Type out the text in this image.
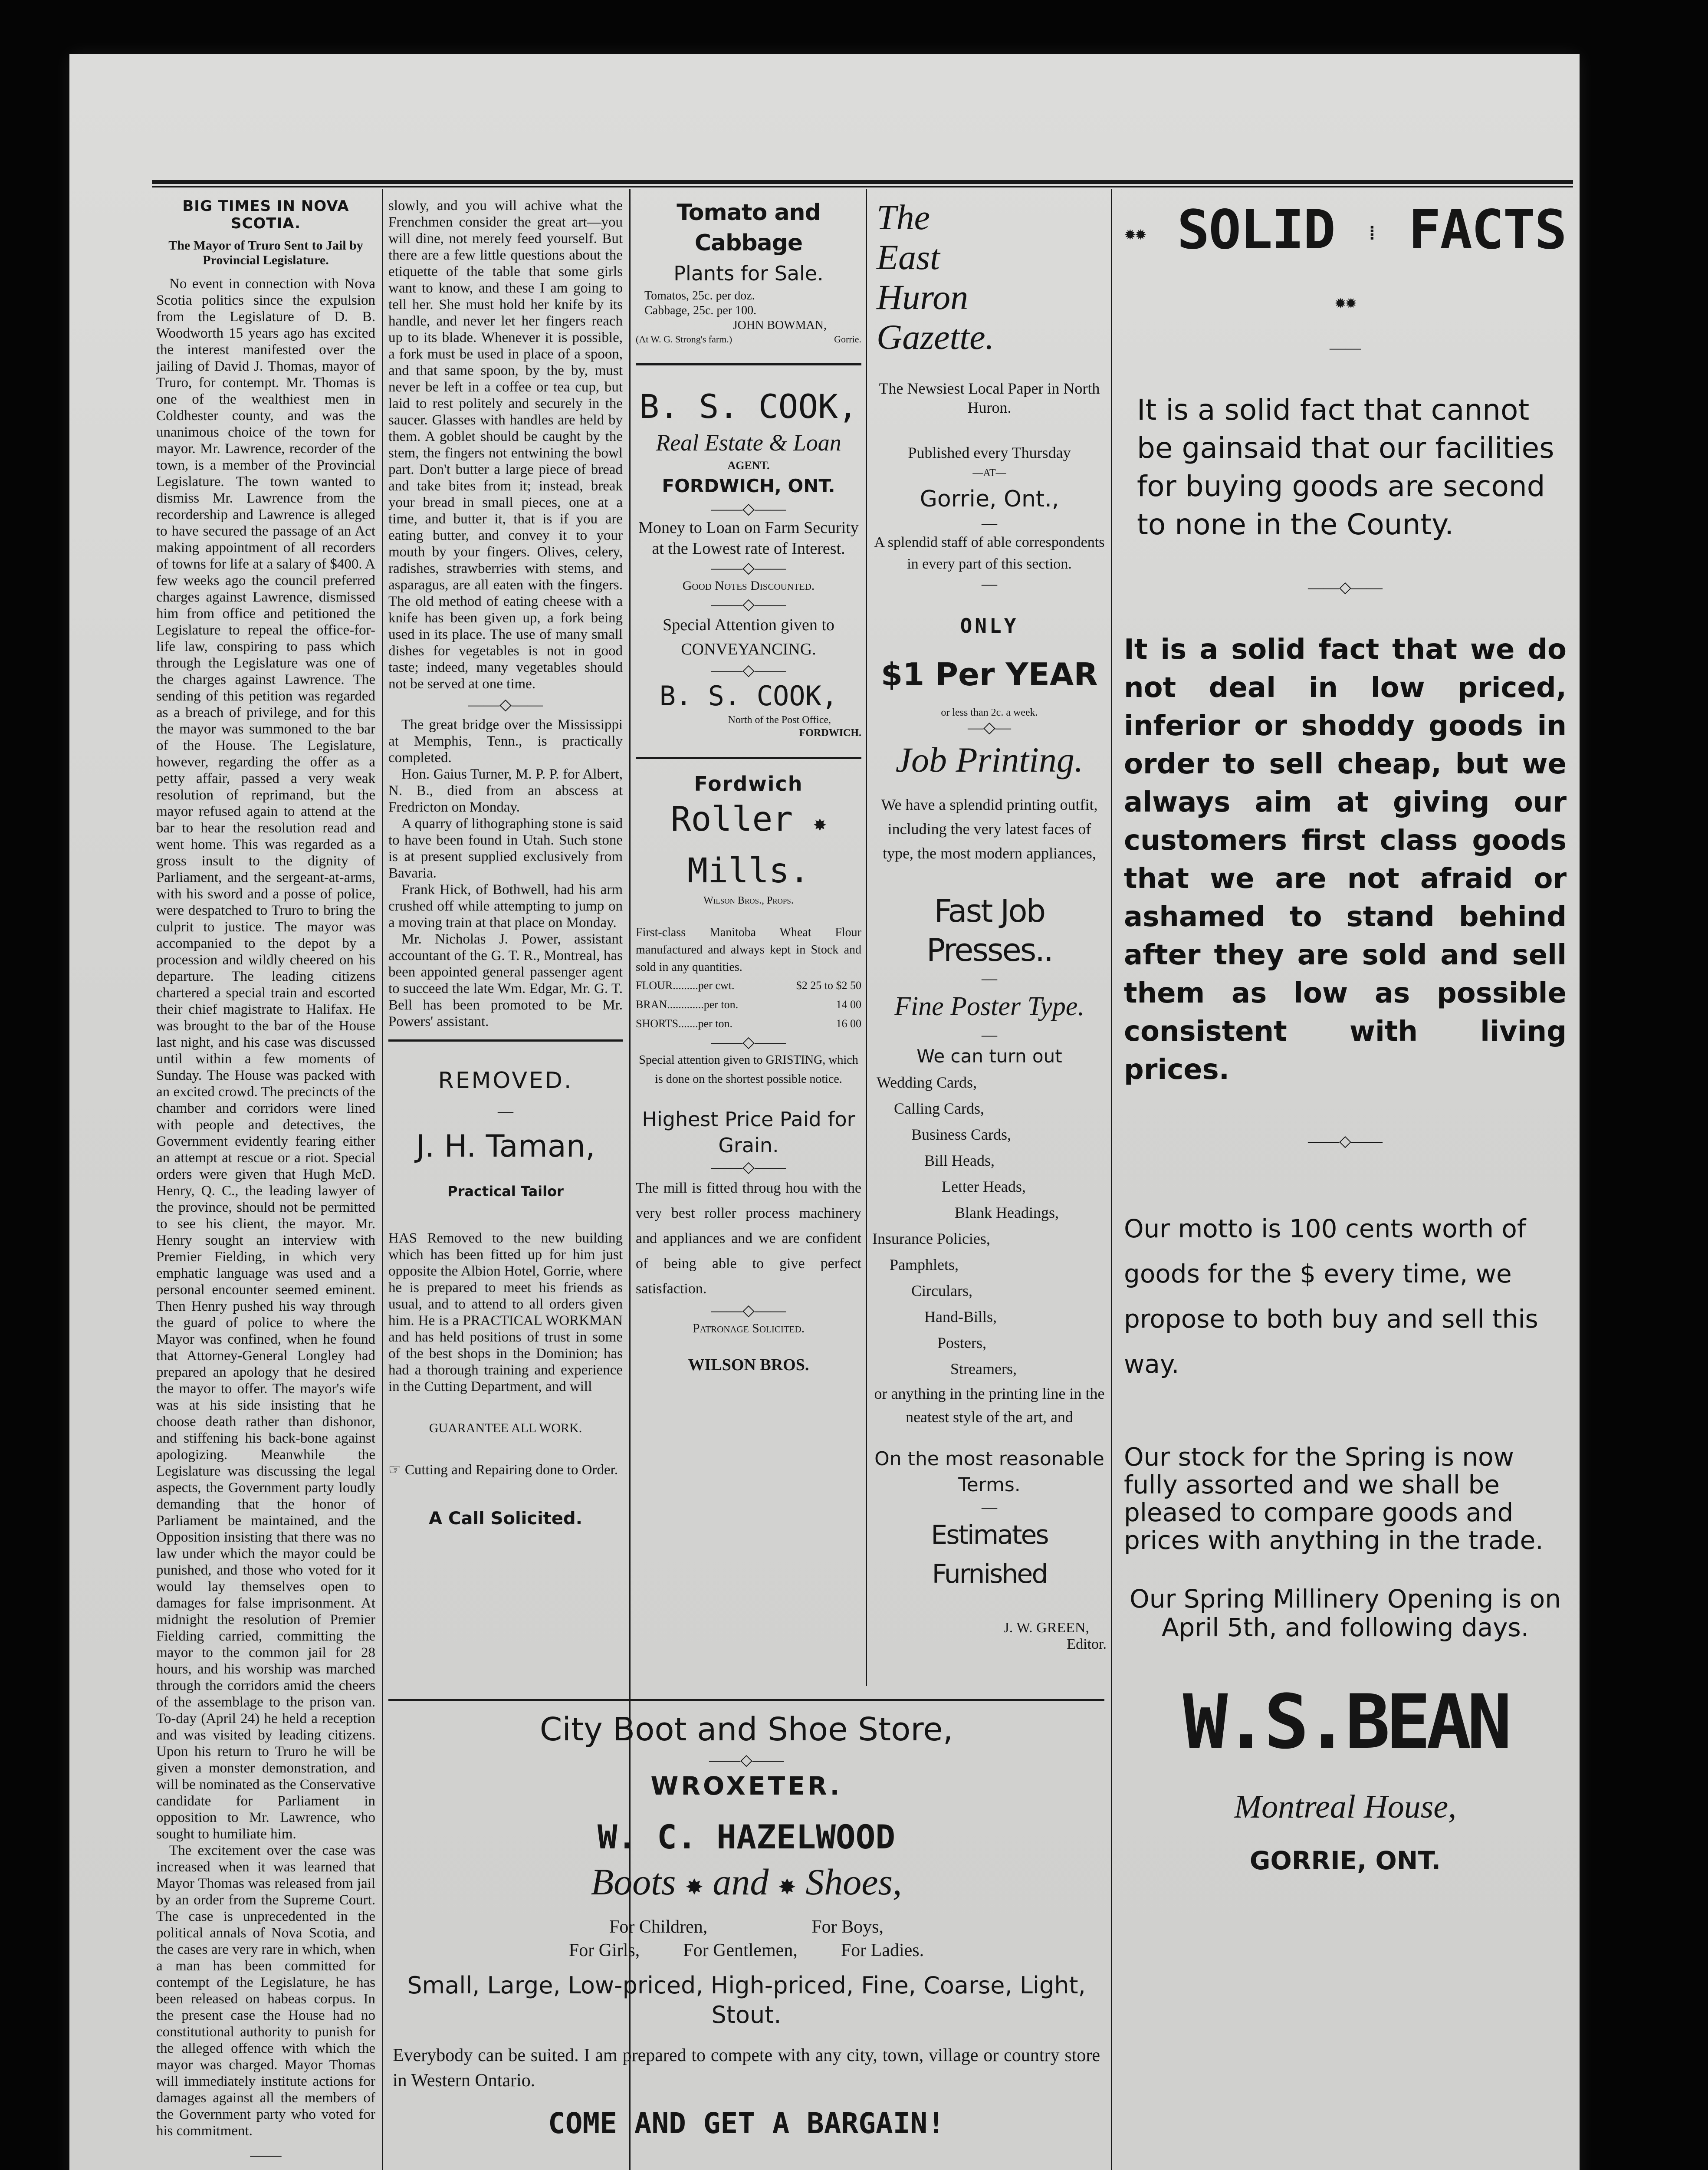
BIG TIMES IN NOVA SCOTIA.

The Mayor of Truro Sent to Jail by Provincial Legislature.

No event in connection with Nova Scotia politics since the expulsion from the Legislature of D. B. Woodworth 15 years ago has excited the interest manifested over the jailing of David J. Thomas, mayor of Truro, for contempt. Mr. Thomas is one of the wealthiest men in Coldhester county, and was the unanimous choice of the town for mayor. Mr. Lawrence, recorder of the town, is a member of the Provincial Legislature. The town wanted to dismiss Mr. Lawrence from the recordership and Lawrence is alleged to have secured the passage of an Act making appointment of all recorders of towns for life at a salary of $400. A few weeks ago the council preferred charges against Lawrence, dismissed him from office and petitioned the Legislature to repeal the office-for-life law, conspiring to pass which through the Legislature was one of the charges against Lawrence. The sending of this petition was regarded as a breach of privilege, and for this the mayor was summoned to the bar of the House. The Legislature, however, regarding the offer as a petty affair, passed a very weak resolution of reprimand, but the mayor refused again to attend at the bar to hear the resolution read and went home. This was regarded as a gross insult to the dignity of Parliament, and the sergeant-at-arms, with his sword and a posse of police, were despatched to Truro to bring the culprit to justice. The mayor was accompanied to the depot by a procession and wildly cheered on his departure. The leading citizens chartered a special train and escorted their chief magistrate to Halifax. He was brought to the bar of the House last night, and his case was discussed until within a few moments of Sunday. The House was packed with an excited crowd. The precincts of the chamber and corridors were lined with people and detectives, the Government evidently fearing either an attempt at rescue or a riot. Special orders were given that Hugh McD. Henry, Q. C., the leading lawyer of the province, should not be permitted to see his client, the mayor. Mr. Henry sought an interview with Premier Fielding, in which very emphatic language was used and a personal encounter seemed eminent. Then Henry pushed his way through the guard of police to where the Mayor was confined, when he found that Attorney-General Longley had prepared an apology that he desired the mayor to offer. The mayor's wife was at his side insisting that he choose death rather than dishonor, and stiffening his back-bone against apologizing. Meanwhile the Legislature was discussing the legal aspects, the Government party loudly demanding that the honor of Parliament be maintained, and the Opposition insisting that there was no law under which the mayor could be punished, and those who voted for it would lay themselves open to damages for false imprisonment. At midnight the resolution of Premier Fielding carried, committing the mayor to the common jail for 28 hours, and his worship was marched through the corridors amid the cheers of the assemblage to the prison van. To-day (April 24) he held a reception and was visited by leading citizens. Upon his return to Truro he will be given a monster demonstration, and will be nominated as the Conservative candidate for Parliament in opposition to Mr. Lawrence, who sought to humiliate him.

The excitement over the case was increased when it was learned that Mayor Thomas was released from jail by an order from the Supreme Court. The case is unprecedented in the political annals of Nova Scotia, and the cases are very rare in which, when a man has been committed for contempt of the Legislature, he has been released on habeas corpus. In the present case the House had no constitutional authority to punish for the alleged offence with which the mayor was charged. Mayor Thomas will immediately institute actions for damages against all the members of the Government party who voted for his commitment.

——

slowly, and you will achive what the Frenchmen consider the great art—you will dine, not merely feed yourself. But there are a few little questions about the etiquette of the table that some girls want to know, and these I am going to tell her. She must hold her knife by its handle, and never let her fingers reach up to its blade. Whenever it is possible, a fork must be used in place of a spoon, and that same spoon, by the by, must never be left in a coffee or tea cup, but laid to rest politely and securely in the saucer. Glasses with handles are held by them. A goblet should be caught by the stem, the fingers not entwining the bowl part. Don't butter a large piece of bread and take bites from it; instead, break your bread in small pieces, one at a time, and butter it, that is if you are eating butter, and convey it to your mouth by your fingers. Olives, celery, radishes, strawberries with stems, and asparagus, are all eaten with the fingers. The old method of eating cheese with a knife has been given up, a fork being used in its place. The use of many small dishes for vegetables is not in good taste; indeed, many vegetables should not be served at one time.

——◇——

The great bridge over the Mississippi at Memphis, Tenn., is practically completed.

Hon. Gaius Turner, M. P. P. for Albert, N. B., died from an abscess at Fredricton on Monday.

A quarry of lithographing stone is said to have been found in Utah. Such stone is at present supplied exclusively from Bavaria.

Frank Hick, of Bothwell, had his arm crushed off while attempting to jump on a moving train at that place on Monday.

Mr. Nicholas J. Power, assistant accountant of the G. T. R., Montreal, has been appointed general passenger agent to succeed the late Wm. Edgar, Mr. G. T. Bell has been promoted to be Mr. Powers' assistant.

REMOVED.

—

J. H. Taman,

Practical Tailor

HAS Removed to the new building which has been fitted up for him just opposite the Albion Hotel, Gorrie, where he is prepared to meet his friends as usual, and to attend to all orders given him. He is a PRACTICAL WORKMAN and has held positions of trust in some of the best shops in the Dominion; has had a thorough training and experience in the Cutting Department, and will

GUARANTEE ALL WORK.

☞ Cutting and Repairing done to Order.

A Call Solicited.

Tomato and Cabbage

Plants for Sale.

Tomatos, 25c. per doz.

Cabbage, 25c. per 100.

JOHN BOWMAN,

(At W. G. Strong's farm.)	Gorrie.

B. S. COOK,

Real Estate & Loan

AGENT.

FORDWICH, ONT.

——◇——

Money to Loan on Farm Security at the Lowest rate of Interest.

——◇——

Good Notes Discounted.

——◇——

Special Attention given to CONVEYANCING.

——◇——

B. S. COOK,

North of the Post Office,

FORDWICH.

Fordwich

Roller ✸ Mills.

Wilson Bros., Props.

First-class Manitoba Wheat Flour manufactured and always kept in Stock and sold in any quantities.

FLOUR.........per cwt.	$2 25 to $2 50
BRAN.............per ton.	14 00
SHORTS.......per ton.	16 00
——◇——

Special attention given to GRISTING, which is done on the shortest possible notice.

Highest Price Paid for Grain.

——◇——

The mill is fitted throug hou with the very best roller process machinery and appliances and we are confident of being able to give perfect satisfaction.

——◇——

Patronage Solicited.

WILSON BROS.

City Boot and Shoe Store,

——◇——

WROXETER.

W. C. HAZELWOOD

Boots ✸ and ✸ Shoes,
For Children,	For Boys,
For Girls, For Gentlemen, For Ladies.

Small, Large, Low-priced, High-priced, Fine, Coarse, Light, Stout.

Everybody can be suited. I am prepared to compete with any city, town, village or country store in Western Ontario.

COME AND GET A BARGAIN!

The

East

Huron

Gazette.

The Newsiest Local Paper in North Huron.

Published every Thursday

—AT—

Gorrie, Ont.,

—

A splendid staff of able correspondents in every part of this section.

—

ONLY

$1 Per YEAR

or less than 2c. a week.

—◇—

Job Printing.

We have a splendid printing outfit, including the very latest faces of type, the most modern appliances,

Fast Job Presses..

—

Fine Poster Type.

—

We can turn out

Wedding Cards,

Calling Cards,

Business Cards,

Bill Heads,

Letter Heads,

Blank Headings,

Insurance Policies,

Pamphlets,

Circulars,

Hand-Bills,

Posters,

Streamers,

or anything in the printing line in the neatest style of the art, and

On the most reasonable Terms.

—

Estimates Furnished

J. W. GREEN,

Editor.

✹✹ SOLID ⁞ FACTS ✹✹
——

It is a solid fact that cannot be gainsaid that our facilities for buying goods are second to none in the County.

——◇——

It is a solid fact that we do not deal in low priced, inferior or shoddy goods in order to sell cheap, but we always aim at giving our customers first class goods that we are not afraid or ashamed to stand behind after they are sold and sell them as low as possible consistent with living prices.

——◇——

Our motto is 100 cents worth of goods for the $ every time, we propose to both buy and sell this way.

Our stock for the Spring is now fully assorted and we shall be pleased to compare goods and prices with anything in the trade.

Our Spring Millinery Opening is on April 5th, and following days.

W.S.BEAN

Montreal House,

GORRIE, ONT.
